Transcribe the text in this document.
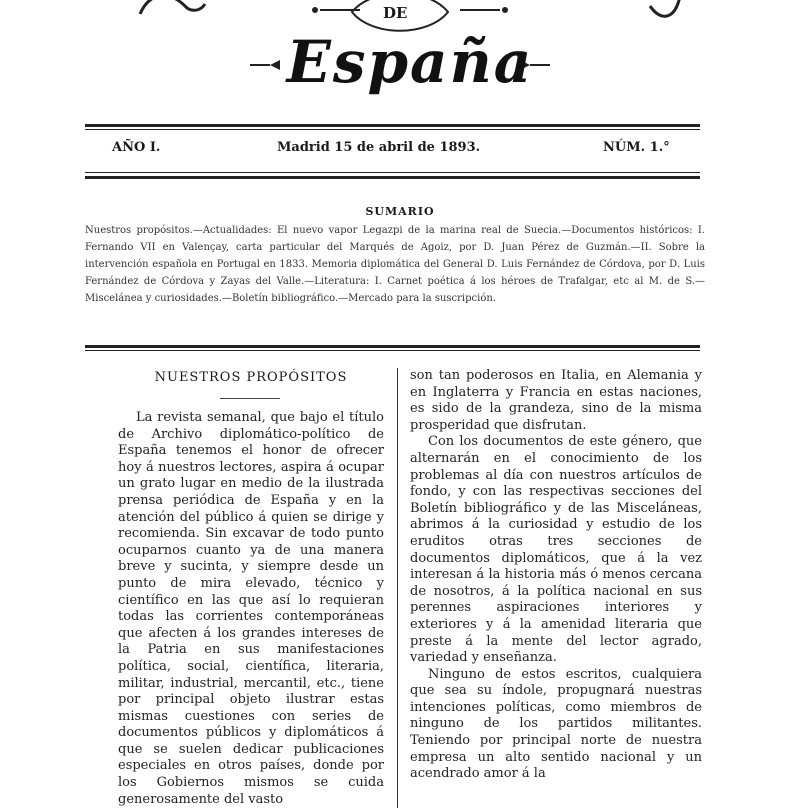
DE
España
AÑO I.	Madrid 15 de abril de 1893.	NÚM. 1.°
SUMARIO
Nuestros propósitos.—Actualidades: El nuevo vapor Legazpi de la marina real de Suecia.—Documentos históricos: I. Fernando VII en Valençay, carta particular del Marqués de Agoiz, por D. Juan Pérez de Guzmán.—II. Sobre la intervención española en Portugal en 1833. Memoria diplomática del General D. Luis Fernández de Córdova, por D. Luis Fernández de Córdova y Zayas del Valle.—Literatura: I. Carnet poética á los héroes de Trafalgar, etc al M. de S.—Miscelánea y curiosidades.—Boletín bibliográfico.—Mercado para la suscripción.
NUESTROS PROPÓSITOS

La revista semanal, que bajo el título de Archivo diplomático-político de España tenemos el honor de ofrecer hoy á nuestros lectores, aspira á ocupar un grato lugar en medio de la ilustrada prensa periódica de España y en la atención del público á quien se dirige y recomienda. Sin excavar de todo punto ocuparnos cuanto ya de una manera breve y sucinta, y siempre desde un punto de mira elevado, técnico y científico en las que así lo requieran todas las corrientes contemporáneas que afecten á los grandes intereses de la Patria en sus manifestaciones política, social, científica, literaria, militar, industrial, mercantil, etc., tiene por principal objeto ilustrar estas mismas cuestiones con series de documentos públicos y diplomáticos á que se suelen dedicar publicaciones especiales en otros países, donde por los Gobiernos mismos se cuida generosamente del vasto

son tan poderosos en Italia, en Alemania y en Inglaterra y Francia en estas naciones, es sido de la grandeza, sino de la misma prosperidad que disfrutan.

Con los documentos de este género, que alternarán en el conocimiento de los problemas al día con nuestros artículos de fondo, y con las respectivas secciones del Boletín bibliográfico y de las Misceláneas, abrimos á la curiosidad y estudio de los eruditos otras tres secciones de documentos diplomáticos, que á la vez interesan á la historia más ó menos cercana de nosotros, á la política nacional en sus perennes aspiraciones interiores y exteriores y á la amenidad literaria que preste á la mente del lector agrado, variedad y enseñanza.

Ninguno de estos escritos, cualquiera que sea su índole, propugnará nuestras intenciones políticas, como miembros de ninguno de los partidos militantes. Teniendo por principal norte de nuestra empresa un alto sentido nacional y un acendrado amor á la
